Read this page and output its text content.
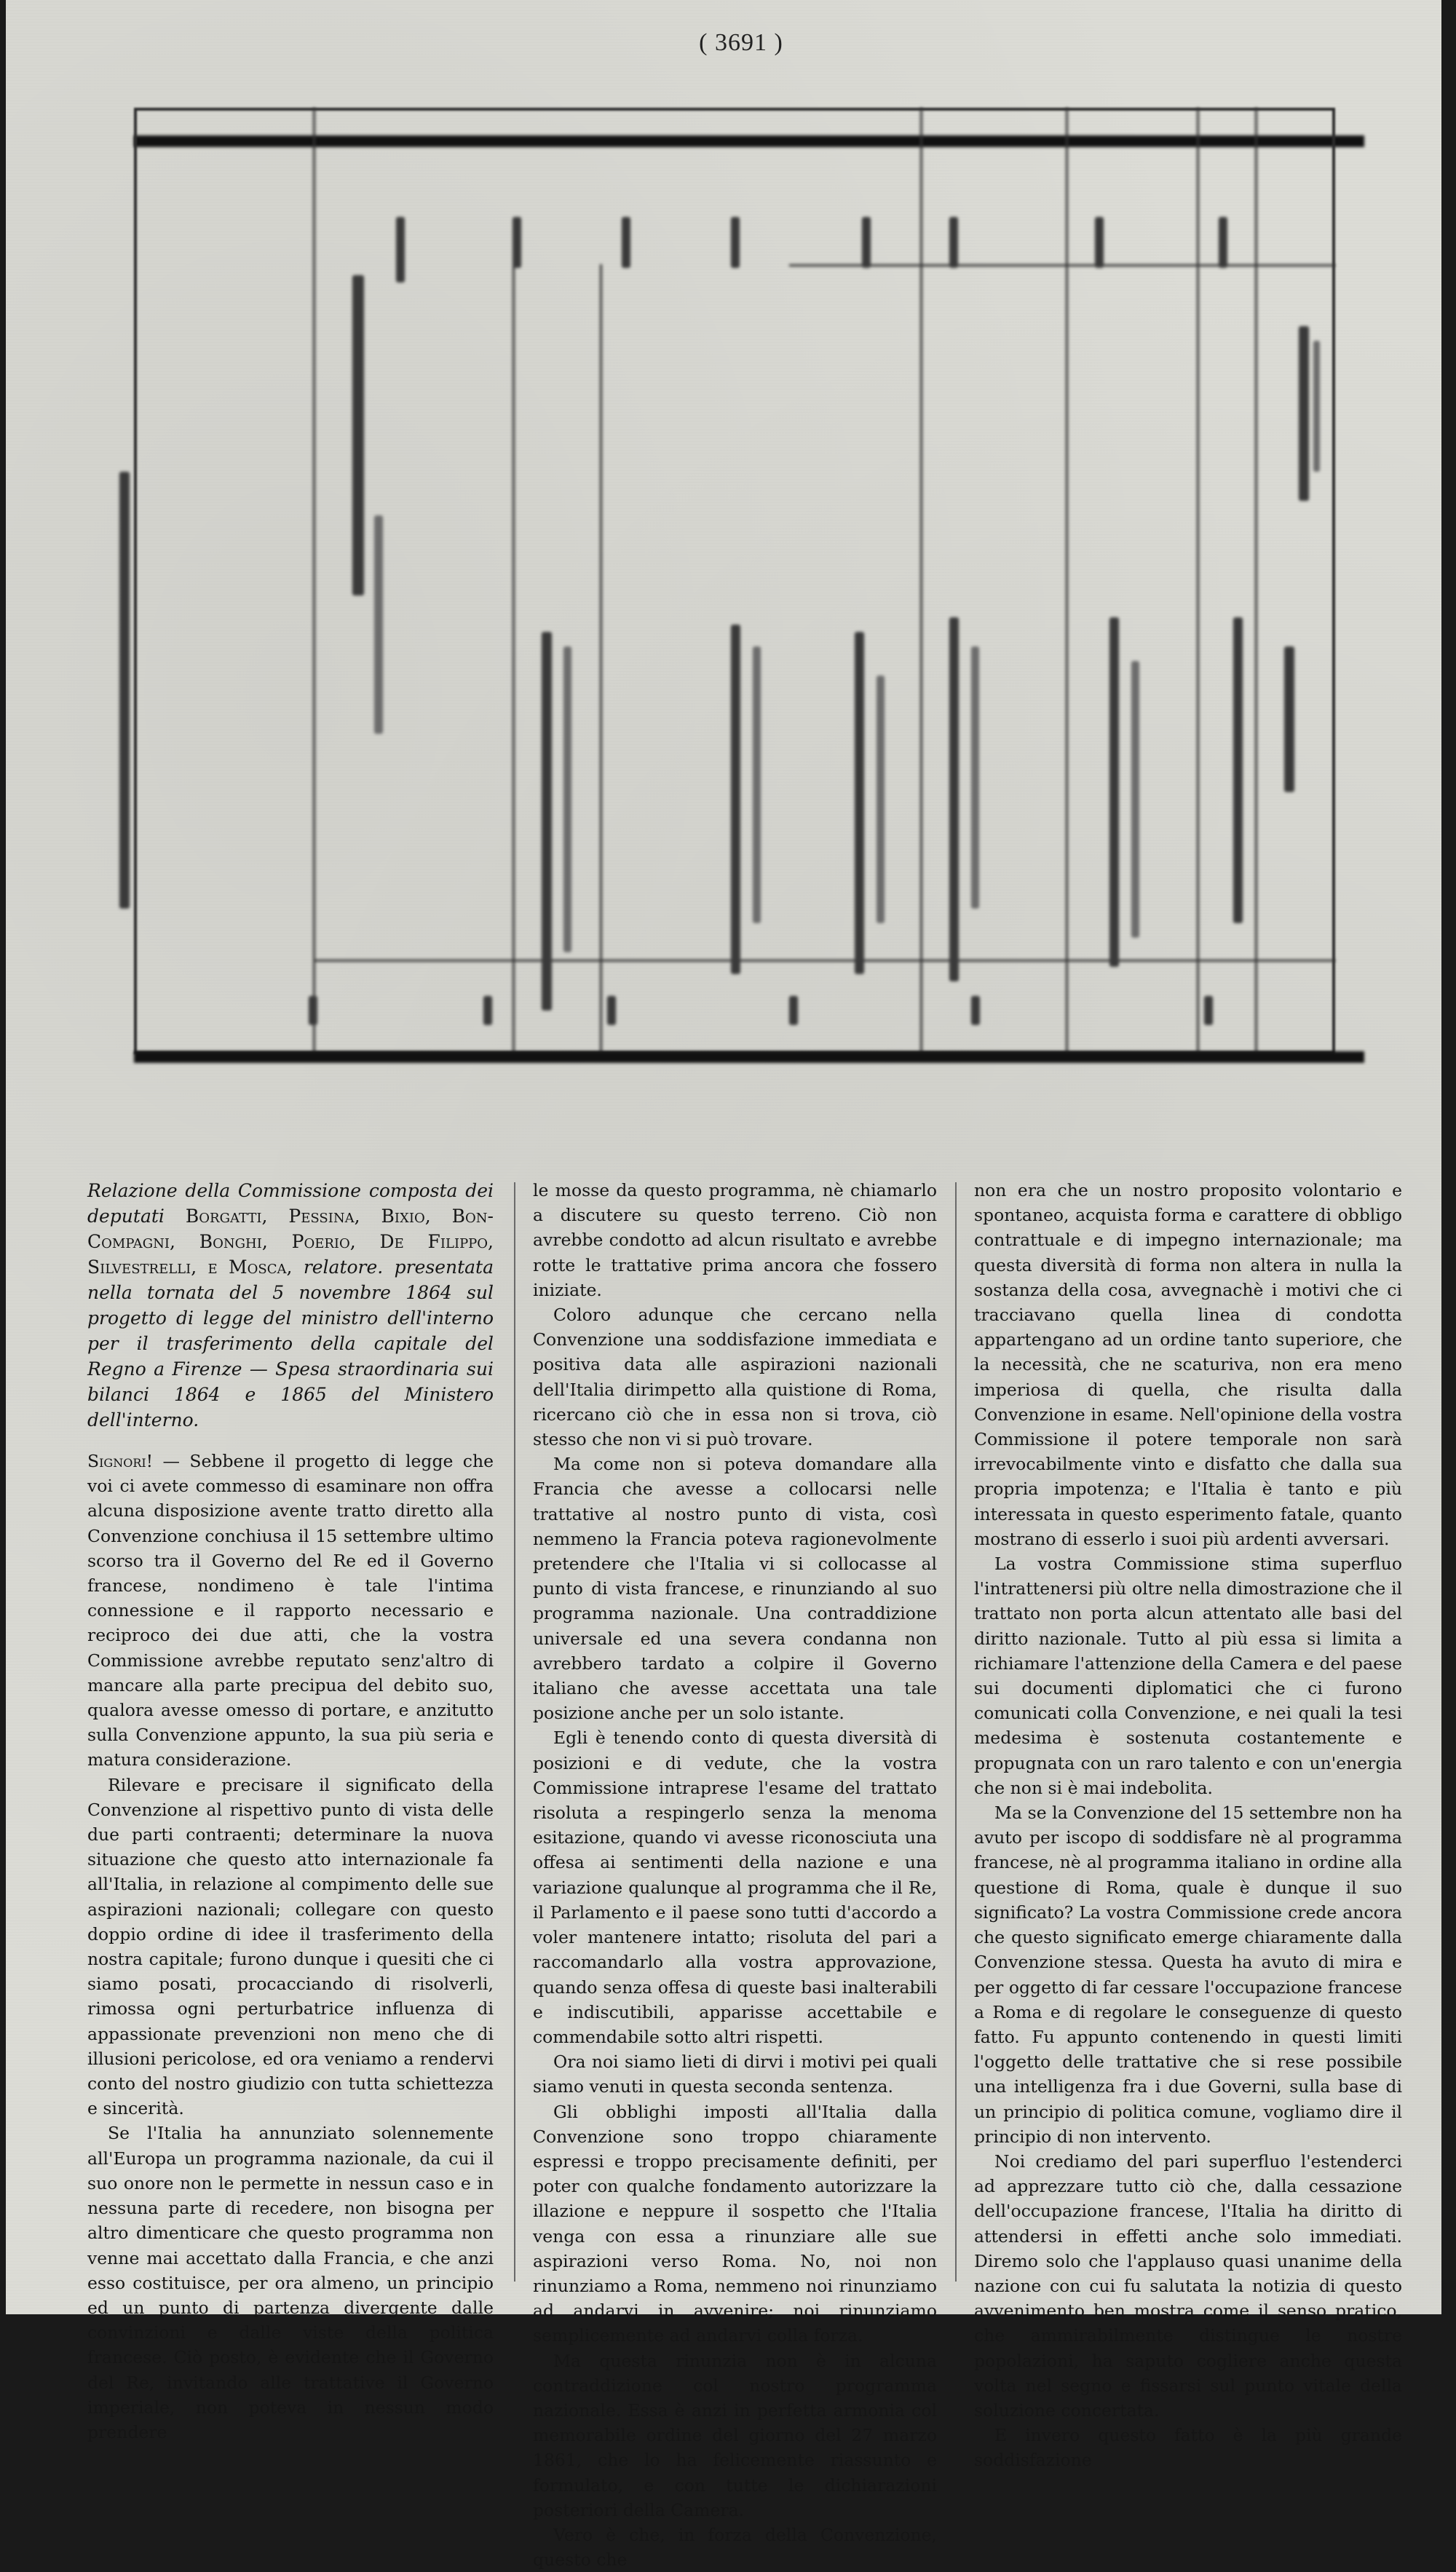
( 3691 )
Relazione della Commissione composta dei deputati Borgatti, Pessina, Bixio, Bon-Compagni, Bonghi, Poerio, De Filippo, Silvestrelli, e Mosca, relatore. presentata nella tornata del 5 novembre 1864 sul progetto di legge del ministro dell'interno per il trasferimento della capitale del Regno a Firenze — Spesa straordinaria sui bilanci 1864 e 1865 del Ministero dell'interno.

Signori! — Sebbene il progetto di legge che voi ci avete commesso di esaminare non offra alcuna disposizione avente tratto diretto alla Convenzione conchiusa il 15 settembre ultimo scorso tra il Governo del Re ed il Governo francese, nondimeno è tale l'intima connessione e il rapporto necessario e reciproco dei due atti, che la vostra Commissione avrebbe reputato senz'altro di mancare alla parte precipua del debito suo, qualora avesse omesso di portare, e anzitutto sulla Convenzione appunto, la sua più seria e matura considerazione.

Rilevare e precisare il significato della Convenzione al rispettivo punto di vista delle due parti contraenti; determinare la nuova situazione che questo atto internazionale fa all'Italia, in relazione al compimento delle sue aspirazioni nazionali; collegare con questo doppio ordine di idee il trasferimento della nostra capitale; furono dunque i quesiti che ci siamo posati, procacciando di risolverli, rimossa ogni perturbatrice influenza di appassionate prevenzioni non meno che di illusioni pericolose, ed ora veniamo a rendervi conto del nostro giudizio con tutta schiettezza e sincerità.

Se l'Italia ha annunziato solennemente all'Europa un programma nazionale, da cui il suo onore non le permette in nessun caso e in nessuna parte di recedere, non bisogna per altro dimenticare che questo programma non venne mai accettato dalla Francia, e che anzi esso costituisce, per ora almeno, un principio ed un punto di partenza divergente dalle convinzioni e dalle viste della politica francese. Ciò posto, è evidente che il Governo del Re, invitando alle trattative il Governo imperiale, non poteva in nessun modo prendere

le mosse da questo programma, nè chiamarlo a discutere su questo terreno. Ciò non avrebbe condotto ad alcun risultato e avrebbe rotte le trattative prima ancora che fossero iniziate.

Coloro adunque che cercano nella Convenzione una soddisfazione immediata e positiva data alle aspirazioni nazionali dell'Italia dirimpetto alla quistione di Roma, ricercano ciò che in essa non si trova, ciò stesso che non vi si può trovare.

Ma come non si poteva domandare alla Francia che avesse a collocarsi nelle trattative al nostro punto di vista, così nemmeno la Francia poteva ragionevolmente pretendere che l'Italia vi si collocasse al punto di vista francese, e rinunziando al suo programma nazionale. Una contraddizione universale ed una severa condanna non avrebbero tardato a colpire il Governo italiano che avesse accettata una tale posizione anche per un solo istante.

Egli è tenendo conto di questa diversità di posizioni e di vedute, che la vostra Commissione intraprese l'esame del trattato risoluta a respingerlo senza la menoma esitazione, quando vi avesse riconosciuta una offesa ai sentimenti della nazione e una variazione qualunque al programma che il Re, il Parlamento e il paese sono tutti d'accordo a voler mantenere intatto; risoluta del pari a raccomandarlo alla vostra approvazione, quando senza offesa di queste basi inalterabili e indiscutibili, apparisse accettabile e commendabile sotto altri rispetti.

Ora noi siamo lieti di dirvi i motivi pei quali siamo venuti in questa seconda sentenza.

Gli obblighi imposti all'Italia dalla Convenzione sono troppo chiaramente espressi e troppo precisamente definiti, per poter con qualche fondamento autorizzare la illazione e neppure il sospetto che l'Italia venga con essa a rinunziare alle sue aspirazioni verso Roma. No, noi non rinunziamo a Roma, nemmeno noi rinunziamo ad andarvi in avvenire; noi rinunziamo semplicemente ad andarvi colla forza.

Ma questa rinunzia non è in alcuna contraddizione col nostro programma nazionale. Essa è anzi in perfetta armonia col memorabile ordine del giorno del 27 marzo 1861, che lo ha felicemente riassunto e formulato, e con tutte le dichiarazioni posteriori della Camera.

Vero è che, in forza della Convenzione, questo che

non era che un nostro proposito volontario e spontaneo, acquista forma e carattere di obbligo contrattuale e di impegno internazionale; ma questa diversità di forma non altera in nulla la sostanza della cosa, avvegnachè i motivi che ci tracciavano quella linea di condotta appartengano ad un ordine tanto superiore, che la necessità, che ne scaturiva, non era meno imperiosa di quella, che risulta dalla Convenzione in esame. Nell'opinione della vostra Commissione il potere temporale non sarà irrevocabilmente vinto e disfatto che dalla sua propria impotenza; e l'Italia è tanto e più interessata in questo esperimento fatale, quanto mostrano di esserlo i suoi più ardenti avversari.

La vostra Commissione stima superfluo l'intrattenersi più oltre nella dimostrazione che il trattato non porta alcun attentato alle basi del diritto nazionale. Tutto al più essa si limita a richiamare l'attenzione della Camera e del paese sui documenti diplomatici che ci furono comunicati colla Convenzione, e nei quali la tesi medesima è sostenuta costantemente e propugnata con un raro talento e con un'energia che non si è mai indebolita.

Ma se la Convenzione del 15 settembre non ha avuto per iscopo di soddisfare nè al programma francese, nè al programma italiano in ordine alla questione di Roma, quale è dunque il suo significato? La vostra Commissione crede ancora che questo significato emerge chiaramente dalla Convenzione stessa. Questa ha avuto di mira e per oggetto di far cessare l'occupazione francese a Roma e di regolare le conseguenze di questo fatto. Fu appunto contenendo in questi limiti l'oggetto delle trattative che si rese possibile una intelligenza fra i due Governi, sulla base di un principio di politica comune, vogliamo dire il principio di non intervento.

Noi crediamo del pari superfluo l'estenderci ad apprezzare tutto ciò che, dalla cessazione dell'occupazione francese, l'Italia ha diritto di attendersi in effetti anche solo immediati. Diremo solo che l'applauso quasi unanime della nazione con cui fu salutata la notizia di questo avvenimento ben mostra come il senso pratico, che ammirabilmente distingue le nostre popolazioni, ha saputo cogliere anche questa volta nel segno e fissarsi sul punto vitale della soluzione concertata.

E invero questo fatto è la più grande soddisfazione
